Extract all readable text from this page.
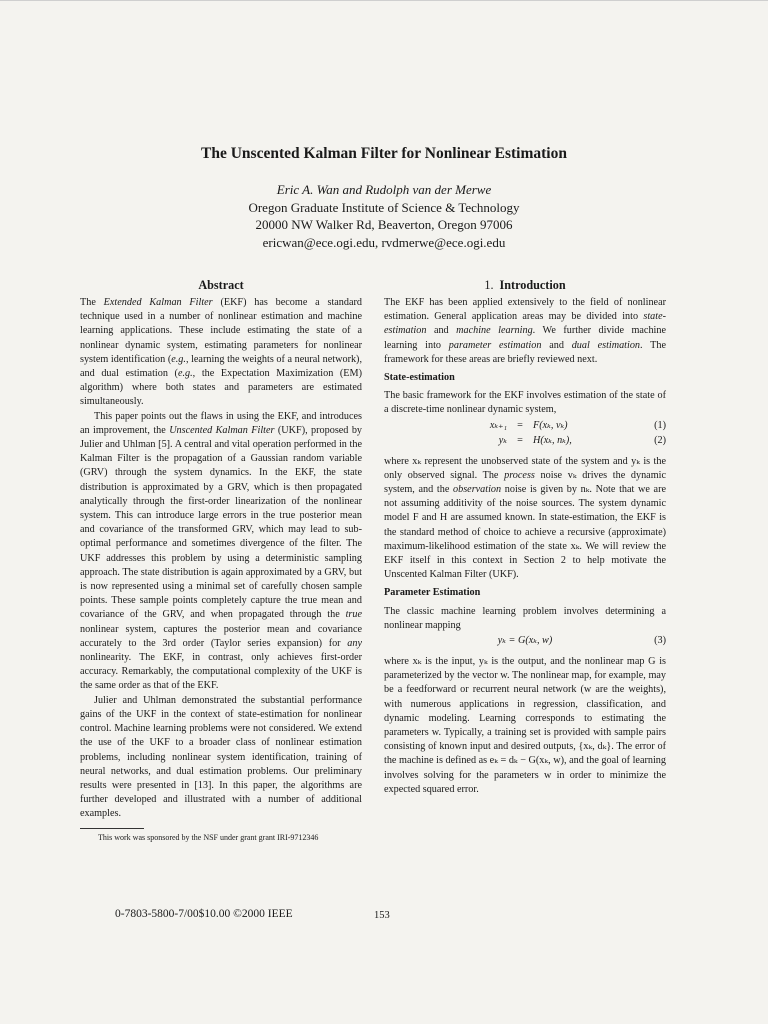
The Unscented Kalman Filter for Nonlinear Estimation
Eric A. Wan and Rudolph van der Merwe
Oregon Graduate Institute of Science & Technology
20000 NW Walker Rd, Beaverton, Oregon 97006
ericwan@ece.ogi.edu, rvdmerwe@ece.ogi.edu
Abstract

The Extended Kalman Filter (EKF) has become a standard technique used in a number of nonlinear estimation and machine learning applications. These include estimating the state of a nonlinear dynamic system, estimating parameters for nonlinear system identification (e.g., learning the weights of a neural network), and dual estimation (e.g., the Expectation Maximization (EM) algorithm) where both states and parameters are estimated simultaneously.

This paper points out the flaws in using the EKF, and introduces an improvement, the Unscented Kalman Filter (UKF), proposed by Julier and Uhlman [5]. A central and vital operation performed in the Kalman Filter is the propagation of a Gaussian random variable (GRV) through the system dynamics. In the EKF, the state distribution is approximated by a GRV, which is then propagated analytically through the first-order linearization of the nonlinear system. This can introduce large errors in the true posterior mean and covariance of the transformed GRV, which may lead to sub-optimal performance and sometimes divergence of the filter. The UKF addresses this problem by using a deterministic sampling approach. The state distribution is again approximated by a GRV, but is now represented using a minimal set of carefully chosen sample points. These sample points completely capture the true mean and covariance of the GRV, and when propagated through the true nonlinear system, captures the posterior mean and covariance accurately to the 3rd order (Taylor series expansion) for any nonlinearity. The EKF, in contrast, only achieves first-order accuracy. Remarkably, the computational complexity of the UKF is the same order as that of the EKF.

Julier and Uhlman demonstrated the substantial performance gains of the UKF in the context of state-estimation for nonlinear control. Machine learning problems were not considered. We extend the use of the UKF to a broader class of nonlinear estimation problems, including nonlinear system identification, training of neural networks, and dual estimation problems. Our preliminary results were presented in [13]. In this paper, the algorithms are further developed and illustrated with a number of additional examples.

This work was sponsored by the NSF under grant grant IRI-9712346
1. Introduction

The EKF has been applied extensively to the field of nonlinear estimation. General application areas may be divided into state-estimation and machine learning. We further divide machine learning into parameter estimation and dual estimation. The framework for these areas are briefly reviewed next.

State-estimation

The basic framework for the EKF involves estimation of the state of a discrete-time nonlinear dynamic system,

xₖ₊₁ = F(xₖ, vₖ)	(1)
yₖ = H(xₖ, nₖ),	(2)

where xₖ represent the unobserved state of the system and yₖ is the only observed signal. The process noise vₖ drives the dynamic system, and the observation noise is given by nₖ. Note that we are not assuming additivity of the noise sources. The system dynamic model F and H are assumed known. In state-estimation, the EKF is the standard method of choice to achieve a recursive (approximate) maximum-likelihood estimation of the state xₖ. We will review the EKF itself in this context in Section 2 to help motivate the Unscented Kalman Filter (UKF).

Parameter Estimation

The classic machine learning problem involves determining a nonlinear mapping

yₖ = G(xₖ, w)	(3)

where xₖ is the input, yₖ is the output, and the nonlinear map G is parameterized by the vector w. The nonlinear map, for example, may be a feedforward or recurrent neural network (w are the weights), with numerous applications in regression, classification, and dynamic modeling. Learning corresponds to estimating the parameters w. Typically, a training set is provided with sample pairs consisting of known input and desired outputs, {xₖ, dₖ}. The error of the machine is defined as eₖ = dₖ − G(xₖ, w), and the goal of learning involves solving for the parameters w in order to minimize the expected squared error.

0-7803-5800-7/00$10.00 ©2000 IEEE	153
